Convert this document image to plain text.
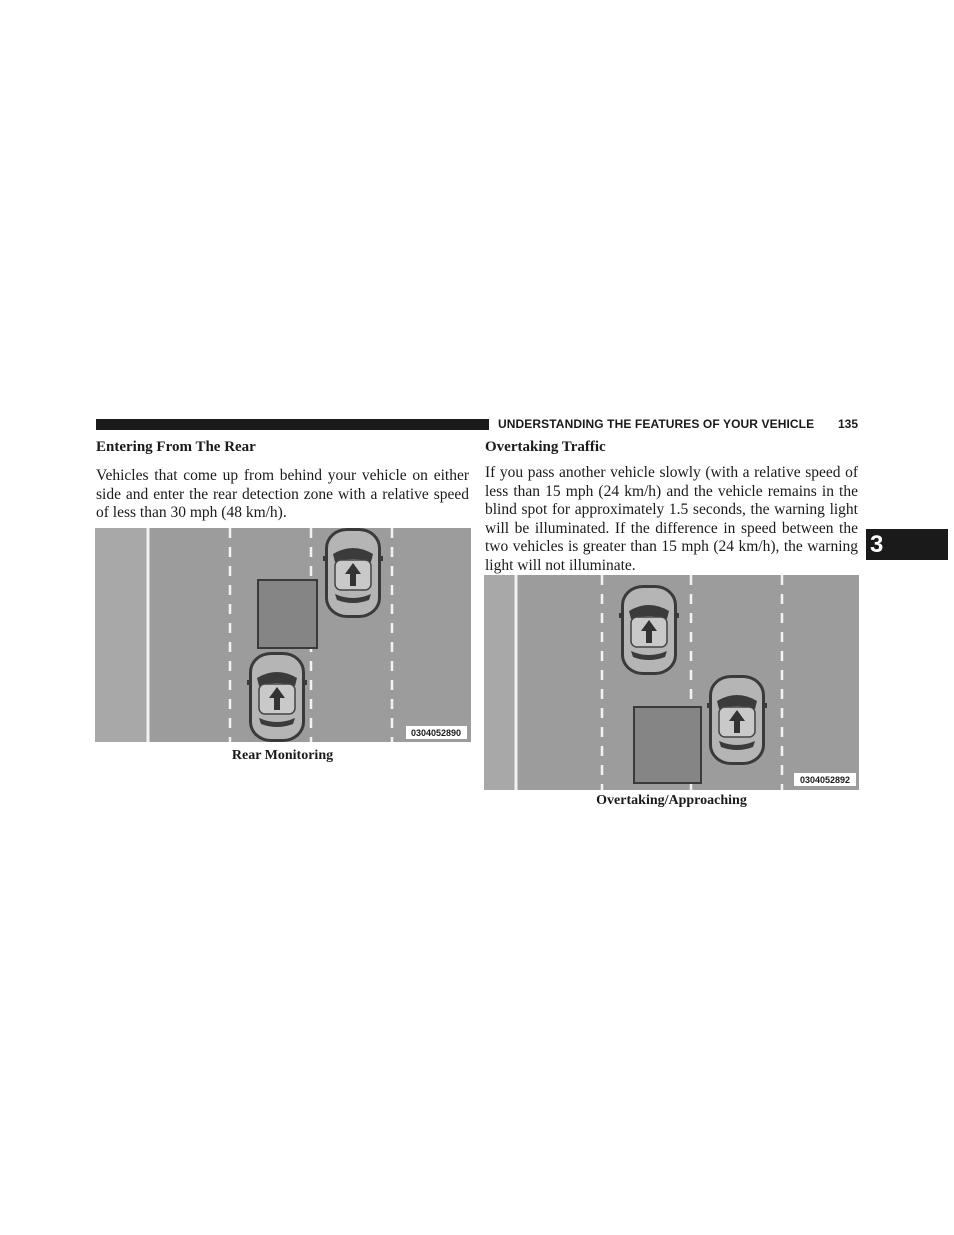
UNDERSTANDING THE FEATURES OF YOUR VEHICLE 135
3
Entering From The Rear
Vehicles that come up from behind your vehicle on either side and enter the rear detection zone with a relative speed of less than 30 mph (48 km/h).
0304052890
Rear Monitoring
Overtaking Traffic
If you pass another vehicle slowly (with a relative speed of less than 15 mph (24 km/h) and the vehicle remains in the blind spot for approximately 1.5 seconds, the warning light will be illuminated. If the difference in speed between the two vehicles is greater than 15 mph (24 km/h), the warning light will not illuminate.
0304052892
Overtaking/Approaching
